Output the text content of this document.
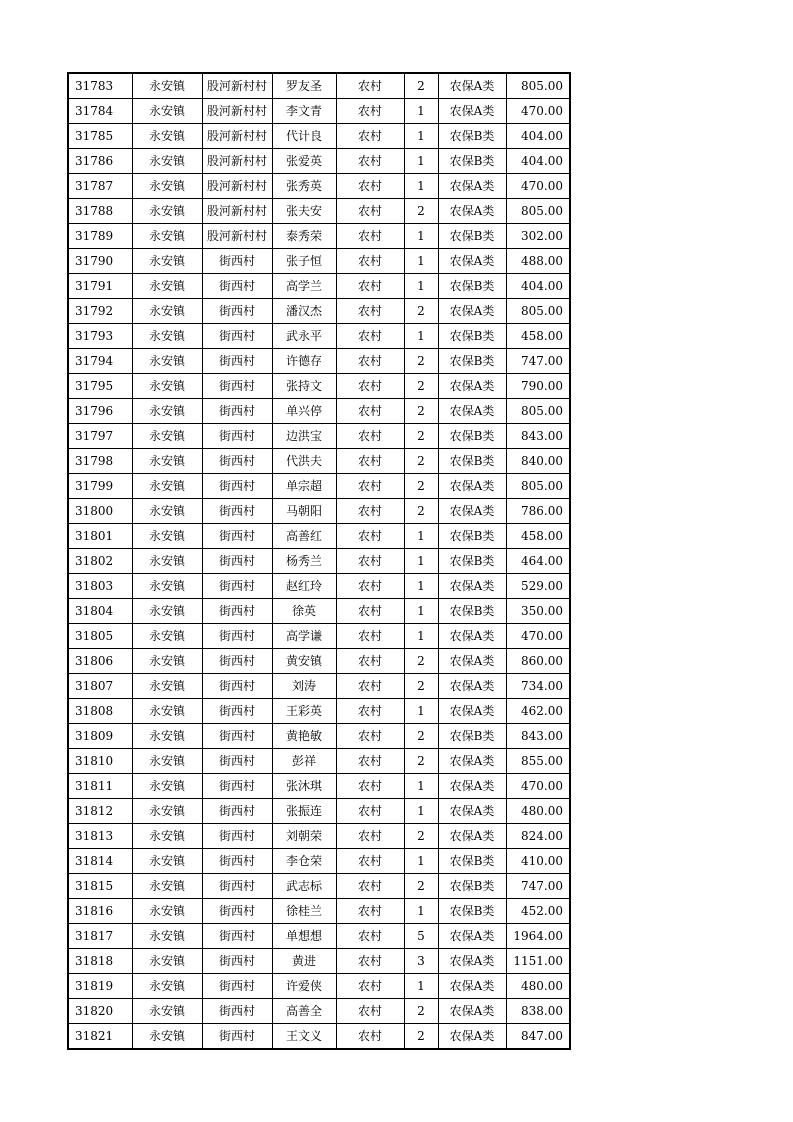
31783	永安镇	股河新村村	罗友圣	农村	2	农保A类	805.00
31784	永安镇	股河新村村	李文青	农村	1	农保A类	470.00
31785	永安镇	股河新村村	代计良	农村	1	农保B类	404.00
31786	永安镇	股河新村村	张爱英	农村	1	农保B类	404.00
31787	永安镇	股河新村村	张秀英	农村	1	农保A类	470.00
31788	永安镇	股河新村村	张夫安	农村	2	农保A类	805.00
31789	永安镇	股河新村村	泰秀荣	农村	1	农保B类	302.00
31790	永安镇	街西村	张子恒	农村	1	农保A类	488.00
31791	永安镇	街西村	高学兰	农村	1	农保B类	404.00
31792	永安镇	街西村	潘汉杰	农村	2	农保A类	805.00
31793	永安镇	街西村	武永平	农村	1	农保B类	458.00
31794	永安镇	街西村	许德存	农村	2	农保B类	747.00
31795	永安镇	街西村	张持文	农村	2	农保A类	790.00
31796	永安镇	街西村	单兴停	农村	2	农保A类	805.00
31797	永安镇	街西村	边洪宝	农村	2	农保B类	843.00
31798	永安镇	街西村	代洪夫	农村	2	农保B类	840.00
31799	永安镇	街西村	单宗超	农村	2	农保A类	805.00
31800	永安镇	街西村	马朝阳	农村	2	农保A类	786.00
31801	永安镇	街西村	高善红	农村	1	农保B类	458.00
31802	永安镇	街西村	杨秀兰	农村	1	农保B类	464.00
31803	永安镇	街西村	赵红玲	农村	1	农保A类	529.00
31804	永安镇	街西村	徐英	农村	1	农保B类	350.00
31805	永安镇	街西村	高学谦	农村	1	农保A类	470.00
31806	永安镇	街西村	黄安镇	农村	2	农保A类	860.00
31807	永安镇	街西村	刘涛	农村	2	农保A类	734.00
31808	永安镇	街西村	王彩英	农村	1	农保A类	462.00
31809	永安镇	街西村	黄艳敏	农村	2	农保B类	843.00
31810	永安镇	街西村	彭祥	农村	2	农保A类	855.00
31811	永安镇	街西村	张沐琪	农村	1	农保A类	470.00
31812	永安镇	街西村	张振连	农村	1	农保A类	480.00
31813	永安镇	街西村	刘朝荣	农村	2	农保A类	824.00
31814	永安镇	街西村	李仓荣	农村	1	农保B类	410.00
31815	永安镇	街西村	武志标	农村	2	农保B类	747.00
31816	永安镇	街西村	徐桂兰	农村	1	农保B类	452.00
31817	永安镇	街西村	单想想	农村	5	农保A类	1964.00
31818	永安镇	街西村	黄进	农村	3	农保A类	1151.00
31819	永安镇	街西村	许爱侠	农村	1	农保A类	480.00
31820	永安镇	街西村	高善全	农村	2	农保A类	838.00
31821	永安镇	街西村	王文义	农村	2	农保A类	847.00
